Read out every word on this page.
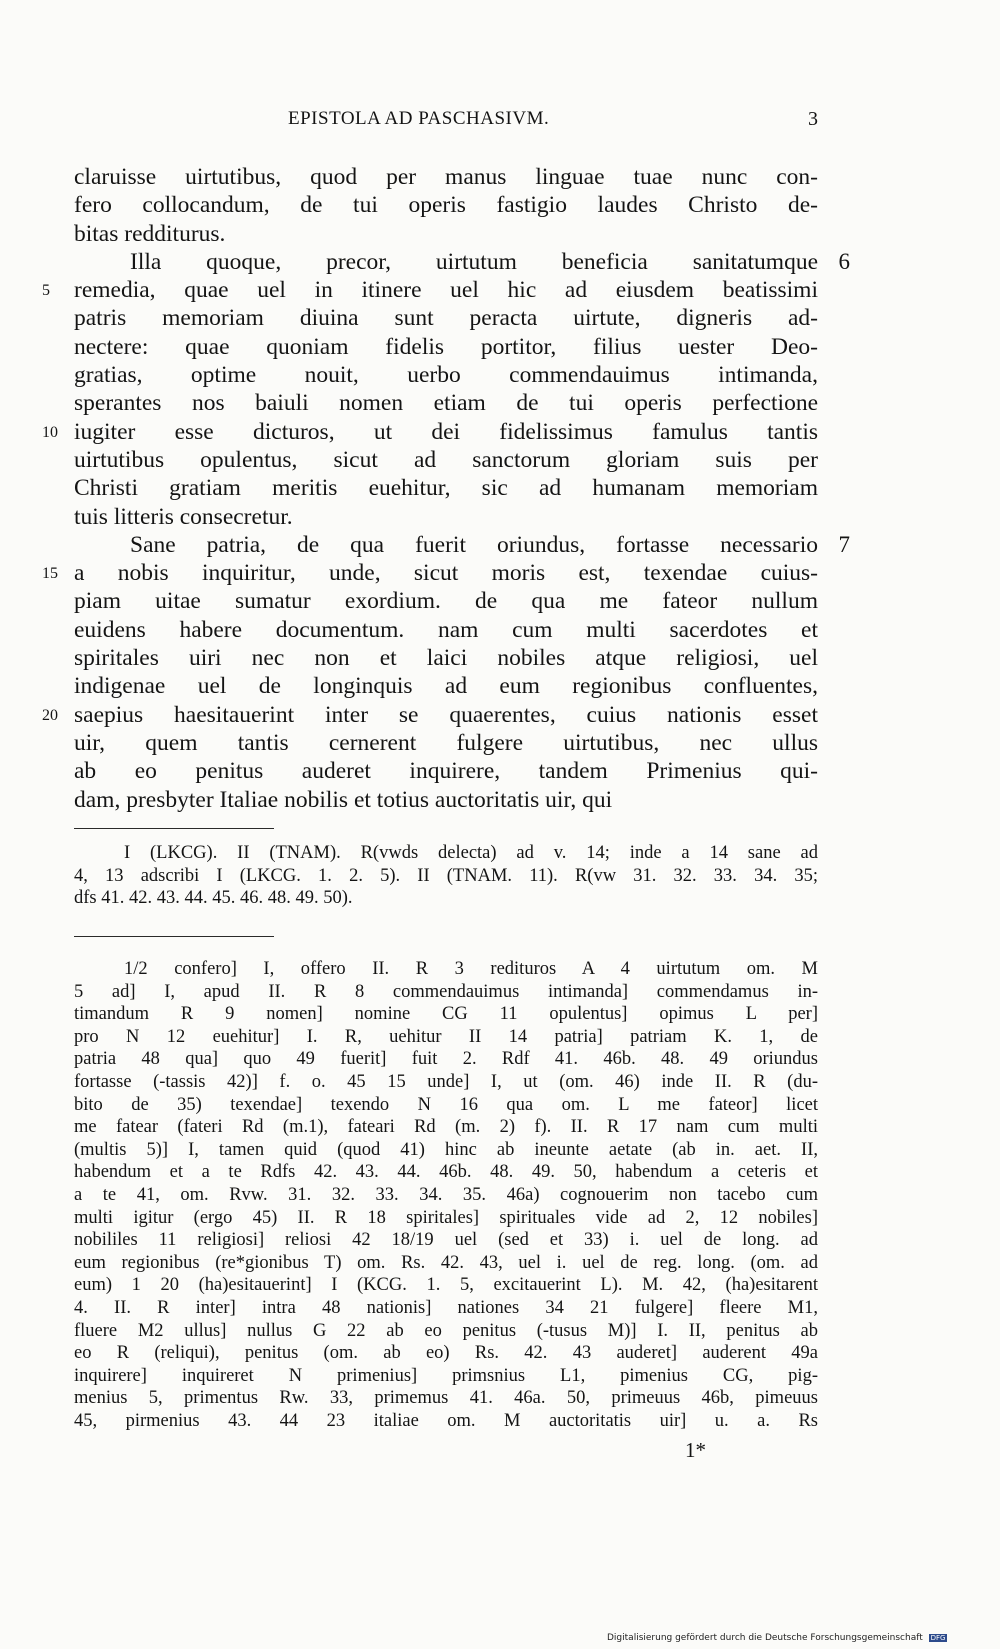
EPISTOLA AD PASCHASIVM.	3
claruisse uirtutibus, quod per manus linguae tuae nunc con-
fero collocandum, de tui operis fastigio laudes Christo de-
bitas redditurus.
Illa quoque, precor, uirtutum beneficia sanitatumque 6
remedia, quae uel in itinere uel hic ad eiusdem beatissimi
5
patris memoriam diuina sunt peracta uirtute, digneris ad-
nectere: quae quoniam fidelis portitor, filius uester Deo-
gratias, optime nouit, uerbo commendauimus intimanda,
sperantes nos baiuli nomen etiam de tui operis perfectione
iugiter esse dicturos, ut dei fidelissimus famulus tantis
10
uirtutibus opulentus, sicut ad sanctorum gloriam suis per
Christi gratiam meritis euehitur, sic ad humanam memoriam
tuis litteris consecretur.
Sane patria, de qua fuerit oriundus, fortasse necessario 7
a nobis inquiritur, unde, sicut moris est, texendae cuius-
15
piam uitae sumatur exordium. de qua me fateor nullum
euidens habere documentum. nam cum multi sacerdotes et
spiritales uiri nec non et laici nobiles atque religiosi, uel
indigenae uel de longinquis ad eum regionibus confluentes,
saepius haesitauerint inter se quaerentes, cuius nationis esset
20
uir, quem tantis cernerent fulgere uirtutibus, nec ullus
ab eo penitus auderet inquirere, tandem Primenius qui-
dam, presbyter Italiae nobilis et totius auctoritatis uir, qui
I (LKCG). II (TNAM). R(vwds delecta) ad v. 14; inde a 14 sane ad
4, 13 adscribi I (LKCG. 1. 2. 5). II (TNAM. 11). R(vw 31. 32. 33. 34. 35;
dfs 41. 42. 43. 44. 45. 46. 48. 49. 50).
1/2 confero] I, offero II. R 3 redituros A 4 uirtutum om. M
5 ad] I, apud II. R 8 commendauimus intimanda] commendamus in-
timandum R 9 nomen] nomine CG 11 opulentus] opimus L per]
pro N 12 euehitur] I. R, uehitur II 14 patria] patriam K. 1, de
patria 48 qua] quo 49 fuerit] fuit 2. Rdf 41. 46b. 48. 49 oriundus
fortasse (-tassis 42)] f. o. 45 15 unde] I, ut (om. 46) inde II. R (du-
bito de 35) texendae] texendo N 16 qua om. L me fateor] licet
me fatear (fateri Rd (m.1), fateari Rd (m. 2) f). II. R 17 nam cum multi
(multis 5)] I, tamen quid (quod 41) hinc ab ineunte aetate (ab in. aet. II,
habendum et a te Rdfs 42. 43. 44. 46b. 48. 49. 50, habendum a ceteris et
a te 41, om. Rvw. 31. 32. 33. 34. 35. 46a) cognouerim non tacebo cum
multi igitur (ergo 45) II. R 18 spiritales] spirituales vide ad 2, 12 nobiles]
nobililes 11 religiosi] reliosi 42 18/19 uel (sed et 33) i. uel de long. ad
eum regionibus (re*gionibus T) om. Rs. 42. 43, uel i. uel de reg. long. (om. ad
eum) 1 20 (ha)esitauerint] I (KCG. 1. 5, excitauerint L). M. 42, (ha)esitarent
4. II. R inter] intra 48 nationis] nationes 34 21 fulgere] fleere M1,
fluere M2 ullus] nullus G 22 ab eo penitus (-tusus M)] I. II, penitus ab
eo R (reliqui), penitus (om. ab eo) Rs. 42. 43 auderet] auderent 49a
inquirere] inquireret N primenius] primsnius L1, pimenius CG, pig-
menius 5, primentus Rw. 33, primemus 41. 46a. 50, primeuus 46b, pimeuus
45, pirmenius 43. 44 23 italiae om. M auctoritatis uir] u. a. Rs
1*
Digitalisierung gefördert durch die Deutsche Forschungsgemeinschaft DFG
